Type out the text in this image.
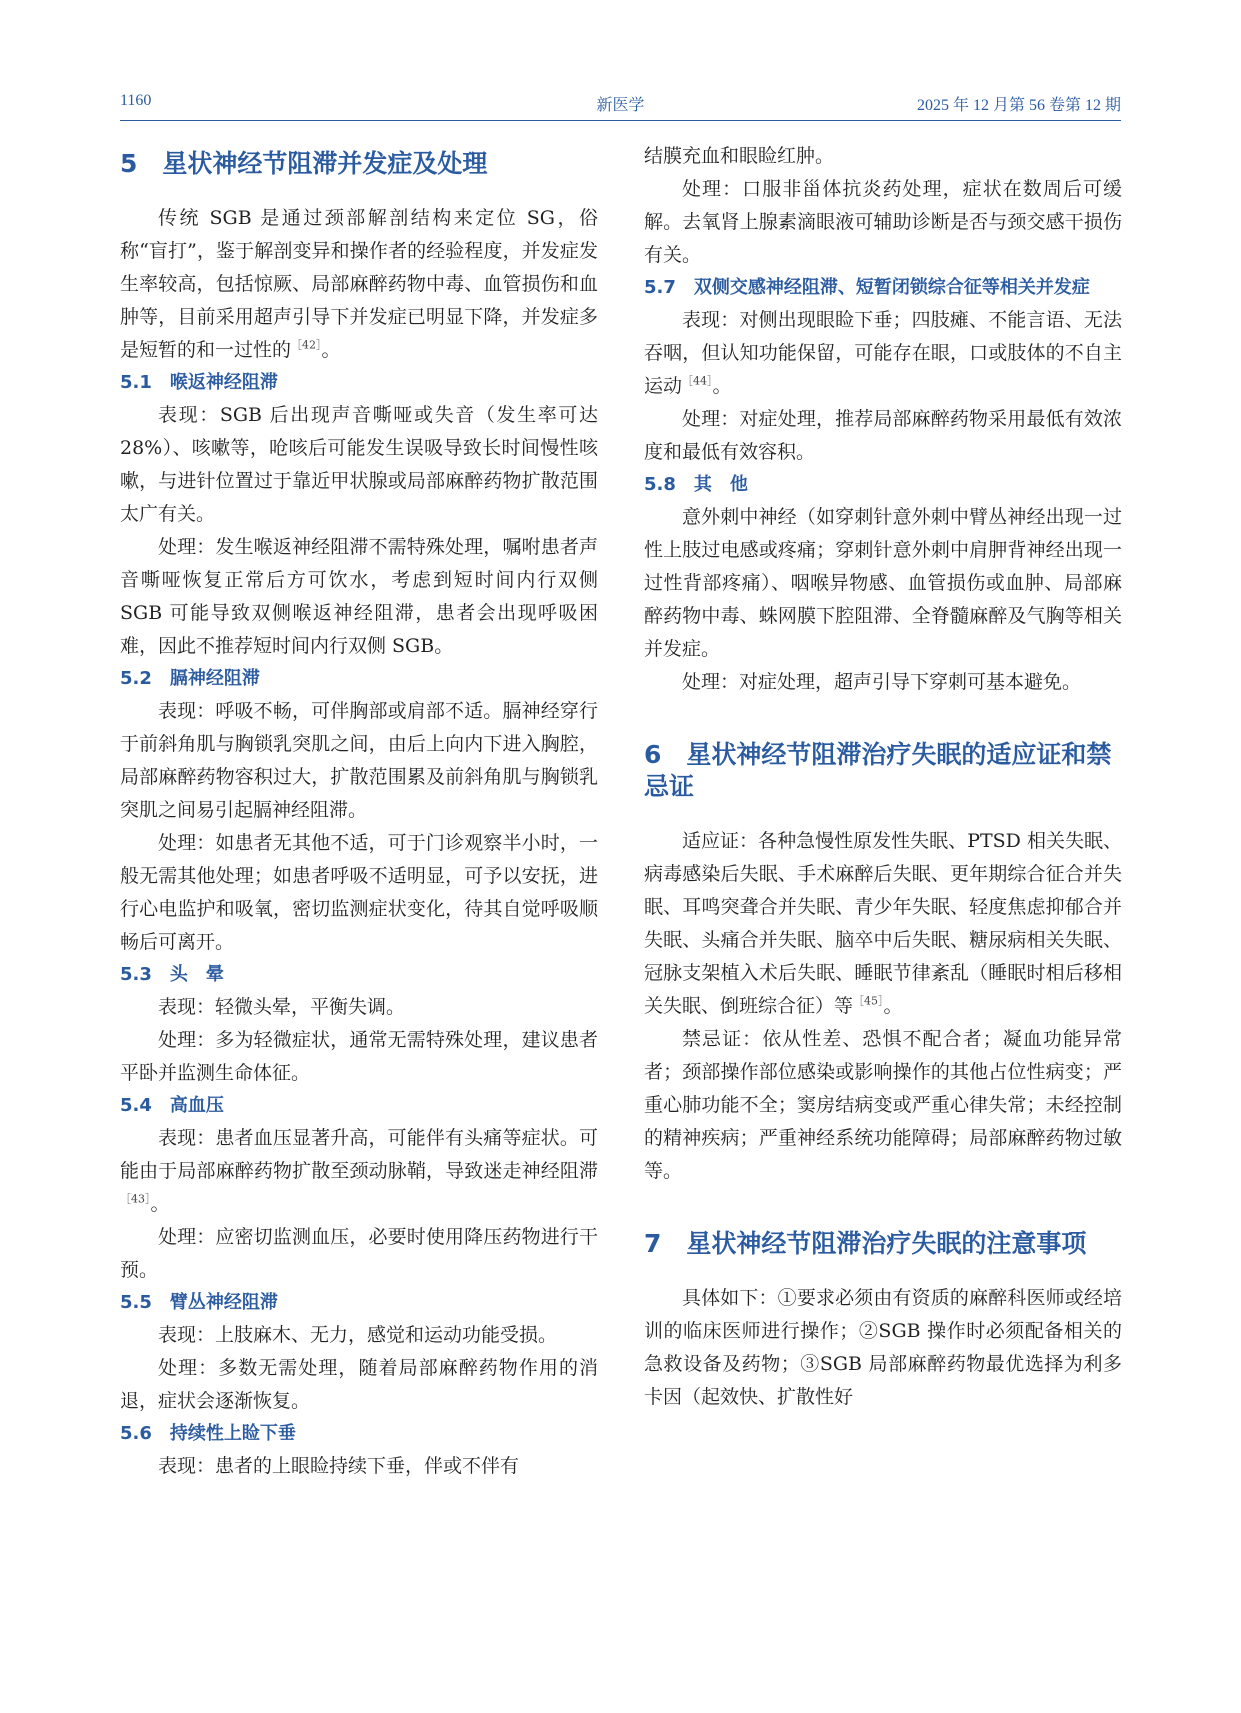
1160	新医学	2025 年 12 月第 56 卷第 12 期
5　星状神经节阻滞并发症及处理

传统 SGB 是通过颈部解剖结构来定位 SG，俗称“盲打”，鉴于解剖变异和操作者的经验程度，并发症发生率较高，包括惊厥、局部麻醉药物中毒、血管损伤和血肿等，目前采用超声引导下并发症已明显下降，并发症多是短暂的和一过性的$^{[42]}$。

5.1　喉返神经阻滞

表现：SGB 后出现声音嘶哑或失音（发生率可达 28%）、咳嗽等，呛咳后可能发生误吸导致长时间慢性咳嗽，与进针位置过于靠近甲状腺或局部麻醉药物扩散范围太广有关。

处理：发生喉返神经阻滞不需特殊处理，嘱咐患者声音嘶哑恢复正常后方可饮水，考虑到短时间内行双侧 SGB 可能导致双侧喉返神经阻滞，患者会出现呼吸困难，因此不推荐短时间内行双侧 SGB。

5.2　膈神经阻滞

表现：呼吸不畅，可伴胸部或肩部不适。膈神经穿行于前斜角肌与胸锁乳突肌之间，由后上向内下进入胸腔，局部麻醉药物容积过大，扩散范围累及前斜角肌与胸锁乳突肌之间易引起膈神经阻滞。

处理：如患者无其他不适，可于门诊观察半小时，一般无需其他处理；如患者呼吸不适明显，可予以安抚，进行心电监护和吸氧，密切监测症状变化，待其自觉呼吸顺畅后可离开。

5.3　头　晕

表现：轻微头晕，平衡失调。

处理：多为轻微症状，通常无需特殊处理，建议患者平卧并监测生命体征。

5.4　高血压

表现：患者血压显著升高，可能伴有头痛等症状。可能由于局部麻醉药物扩散至颈动脉鞘，导致迷走神经阻滞$^{[43]}$。

处理：应密切监测血压，必要时使用降压药物进行干预。

5.5　臂丛神经阻滞

表现：上肢麻木、无力，感觉和运动功能受损。

处理：多数无需处理，随着局部麻醉药物作用的消退，症状会逐渐恢复。

5.6　持续性上睑下垂

表现：患者的上眼睑持续下垂，伴或不伴有

结膜充血和眼睑红肿。

处理：口服非甾体抗炎药处理，症状在数周后可缓解。去氧肾上腺素滴眼液可辅助诊断是否与颈交感干损伤有关。

5.7　双侧交感神经阻滞、短暂闭锁综合征等相关并发症

表现：对侧出现眼睑下垂；四肢瘫、不能言语、无法吞咽，但认知功能保留，可能存在眼，口或肢体的不自主运动$^{[44]}$。

处理：对症处理，推荐局部麻醉药物采用最低有效浓度和最低有效容积。

5.8　其　他

意外刺中神经（如穿刺针意外刺中臂丛神经出现一过性上肢过电感或疼痛；穿刺针意外刺中肩胛背神经出现一过性背部疼痛）、咽喉异物感、血管损伤或血肿、局部麻醉药物中毒、蛛网膜下腔阻滞、全脊髓麻醉及气胸等相关并发症。

处理：对症处理，超声引导下穿刺可基本避免。

6　星状神经节阻滞治疗失眠的适应证和禁忌证

适应证：各种急慢性原发性失眠、PTSD 相关失眠、病毒感染后失眠、手术麻醉后失眠、更年期综合征合并失眠、耳鸣突聋合并失眠、青少年失眠、轻度焦虑抑郁合并失眠、头痛合并失眠、脑卒中后失眠、糖尿病相关失眠、冠脉支架植入术后失眠、睡眠节律紊乱（睡眠时相后移相关失眠、倒班综合征）等$^{[45]}$。

禁忌证：依从性差、恐惧不配合者；凝血功能异常者；颈部操作部位感染或影响操作的其他占位性病变；严重心肺功能不全；窦房结病变或严重心律失常；未经控制的精神疾病；严重神经系统功能障碍；局部麻醉药物过敏等。

7　星状神经节阻滞治疗失眠的注意事项

具体如下：①要求必须由有资质的麻醉科医师或经培训的临床医师进行操作；②SGB 操作时必须配备相关的急救设备及药物；③SGB 局部麻醉药物最优选择为利多卡因（起效快、扩散性好
